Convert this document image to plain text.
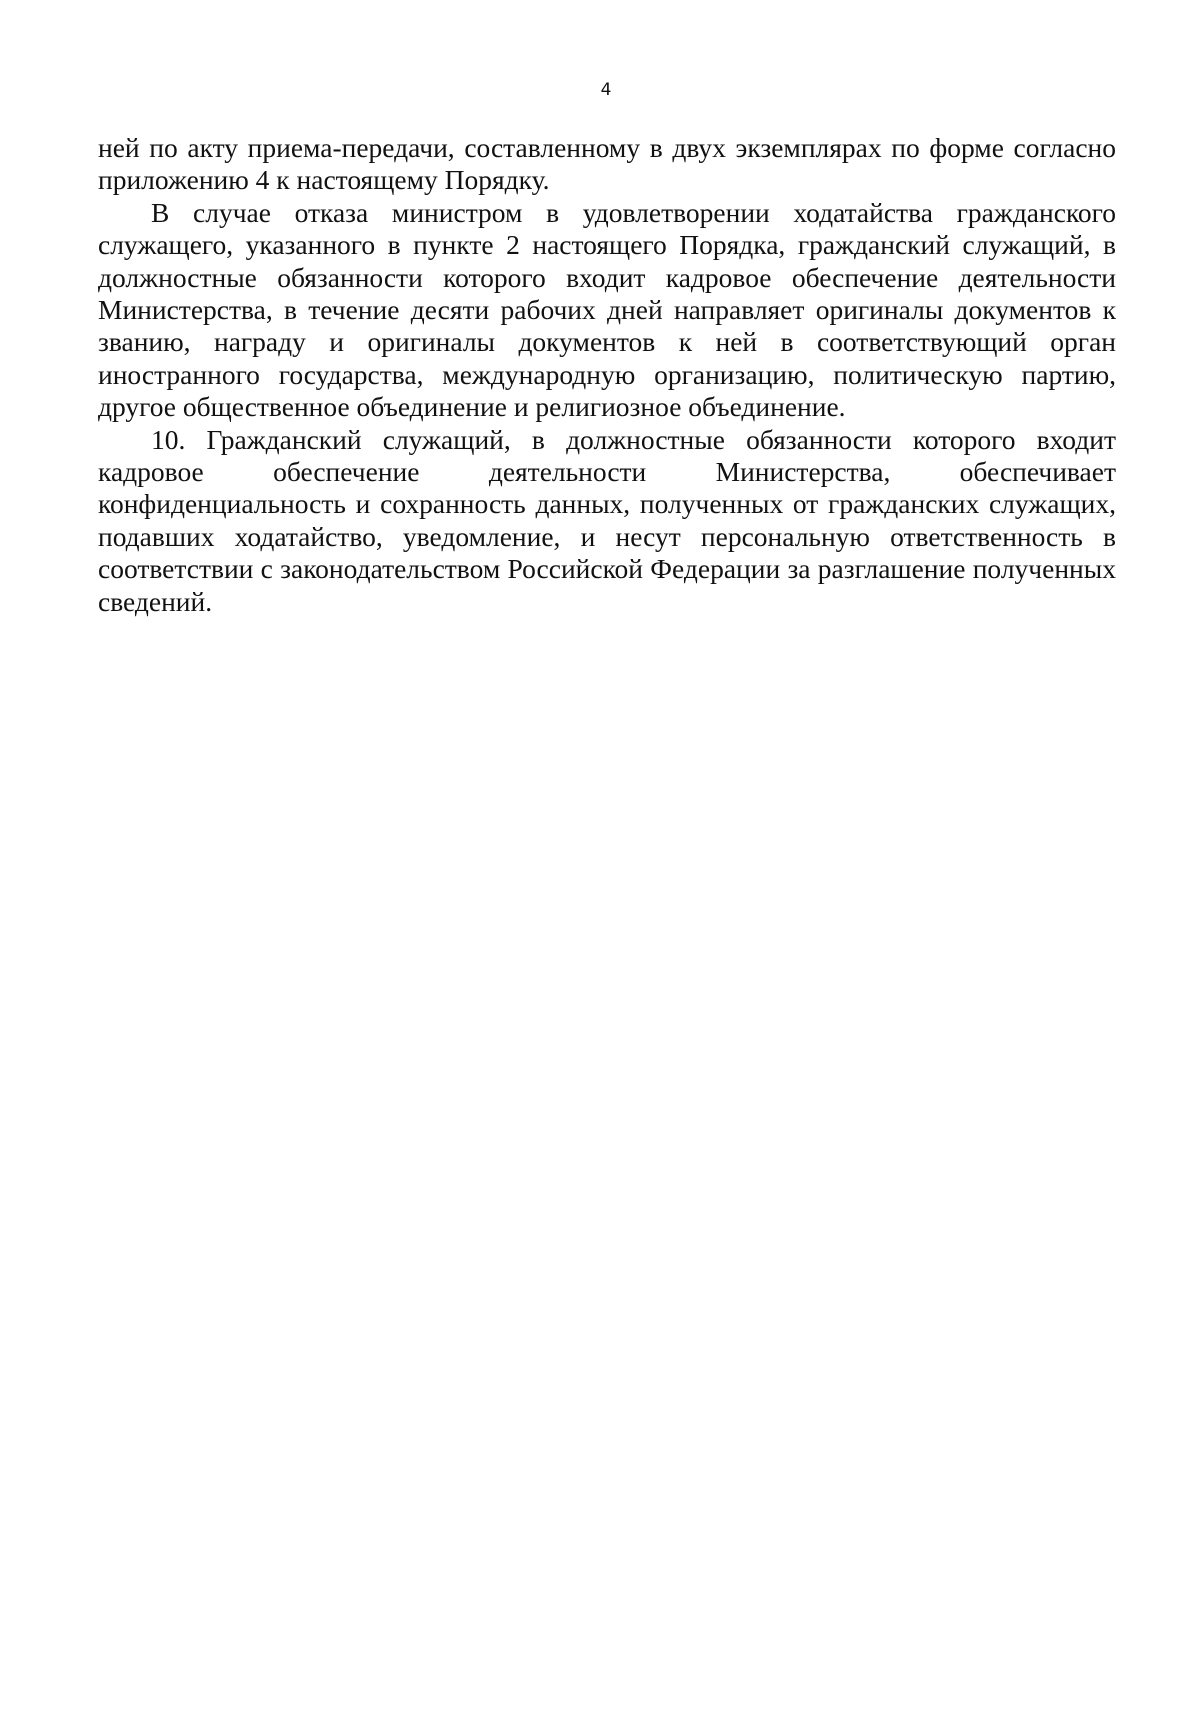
4

ней по акту приема-передачи, составленному в двух экземплярах по форме согласно приложению 4 к настоящему Порядку.

В случае отказа министром в удовлетворении ходатайства гражданского служащего, указанного в пункте 2 настоящего Порядка, гражданский служащий, в должностные обязанности которого входит кадровое обеспечение деятельности Министерства, в течение десяти рабочих дней направляет оригиналы документов к званию, награду и оригиналы документов к ней в соответствующий орган иностранного государства, международную организацию, политическую партию, другое общественное объединение и религиозное объединение.

10. Гражданский служащий, в должностные обязанности которого входит кадровое обеспечение деятельности Министерства, обеспечивает конфиденциальность и сохранность данных, полученных от гражданских служащих, подавших ходатайство, уведомление, и несут персональную ответственность в соответствии с законодательством Российской Федерации за разглашение полученных сведений.
